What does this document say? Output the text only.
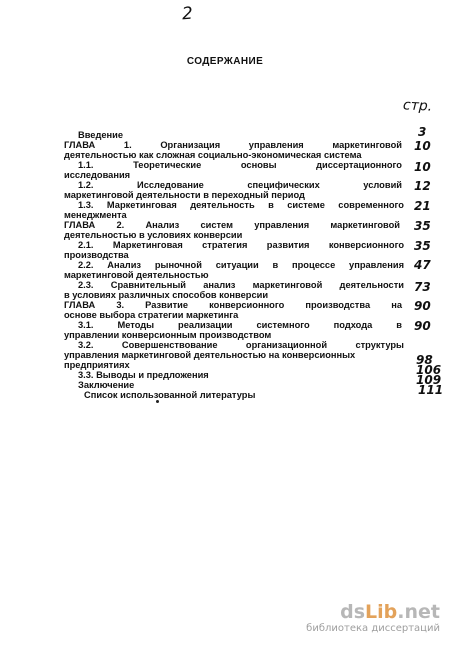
2
СОДЕРЖАНИЕ
стр.
Введение
ГЛАВА 1. Организация управления маркетинговой
деятельностью как сложная социально-экономическая система
1.1. Теоретические основы диссертационного
исследования
1.2. Исследование специфических условий
маркетинговой деятельности в переходный период
1.3. Маркетинговая деятельность в системе современного
менеджмента
ГЛАВА 2. Анализ систем управления маркетинговой
деятельностью в условиях конверсии
2.1. Маркетинговая стратегия развития конверсионного
производства
2.2. Анализ рыночной ситуации в процессе управления
маркетинговой деятельностью
2.3. Сравнительный анализ маркетинговой деятельности
в условиях различных способов конверсии
ГЛАВА 3. Развитие конверсионного производства на
основе выбора стратегии маркетинга
3.1. Методы реализации системного подхода в
управлении конверсионным производством
3.2. Совершенствование организационной структуры
управления маркетинговой деятельностью на конверсионных
предприятиях
3.3. Выводы и предложения
Заключение
Список использованной литературы
3
10
10
12
21
35
35
47
73
90
90
98
106
109
111
dsLib.net
библиотека диссертаций
